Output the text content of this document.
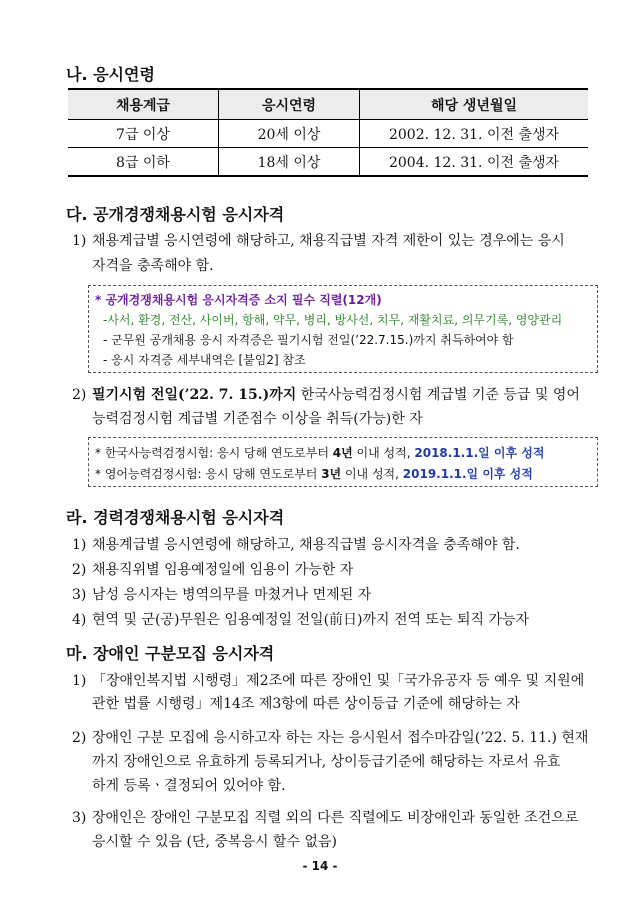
나. 응시연령
채용계급	응시연령	해당 생년월일
7급 이상	20세 이상	2002. 12. 31. 이전 출생자
8급 이하	18세 이상	2004. 12. 31. 이전 출생자
다. 공개경쟁채용시험 응시자격
1) 채용계급별 응시연령에 해당하고, 채용직급별 자격 제한이 있는 경우에는 응시
자격을 충족해야 함.
* 공개경쟁채용시험 응시자격증 소지 필수 직렬(12개)
-사서, 환경, 전산, 사이버, 항해, 약무, 병리, 방사선, 치무, 재활치료, 의무기록, 영양관리
- 군무원 공개채용 응시 자격증은 필기시험 전일(’22.7.15.)까지 취득하여야 함
- 응시 자격증 세부내역은 [붙임2] 참조
2) 필기시험 전일(’22. 7. 15.)까지 한국사능력검정시험 계급별 기준 등급 및 영어
능력검정시험 계급별 기준점수 이상을 취득(가능)한 자
* 한국사능력검정시험: 응시 당해 연도로부터 4년 이내 성적, 2018.1.1.일 이후 성적
* 영어능력검정시험: 응시 당해 연도로부터 3년 이내 성적, 2019.1.1.일 이후 성적
라. 경력경쟁채용시험 응시자격
1) 채용계급별 응시연령에 해당하고, 채용직급별 응시자격을 충족해야 함.
2) 채용직위별 임용예정일에 임용이 가능한 자
3) 남성 응시자는 병역의무를 마쳤거나 면제된 자
4) 현역 및 군(공)무원은 임용예정일 전일(前日)까지 전역 또는 퇴직 가능자
마. 장애인 구분모집 응시자격
1) 「장애인복지법 시행령」제2조에 따른 장애인 및「국가유공자 등 예우 및 지원에
관한 법률 시행령」제14조 제3항에 따른 상이등급 기준에 해당하는 자
2) 장애인 구분 모집에 응시하고자 하는 자는 응시원서 접수마감일(’22. 5. 11.) 현재
까지 장애인으로 유효하게 등록되거나, 상이등급기준에 해당하는 자로서 유효
하게 등록ㆍ결정되어 있어야 함.
3) 장애인은 장애인 구분모집 직렬 외의 다른 직렬에도 비장애인과 동일한 조건으로
응시할 수 있음 (단, 중복응시 할수 없음)
- 14 -
